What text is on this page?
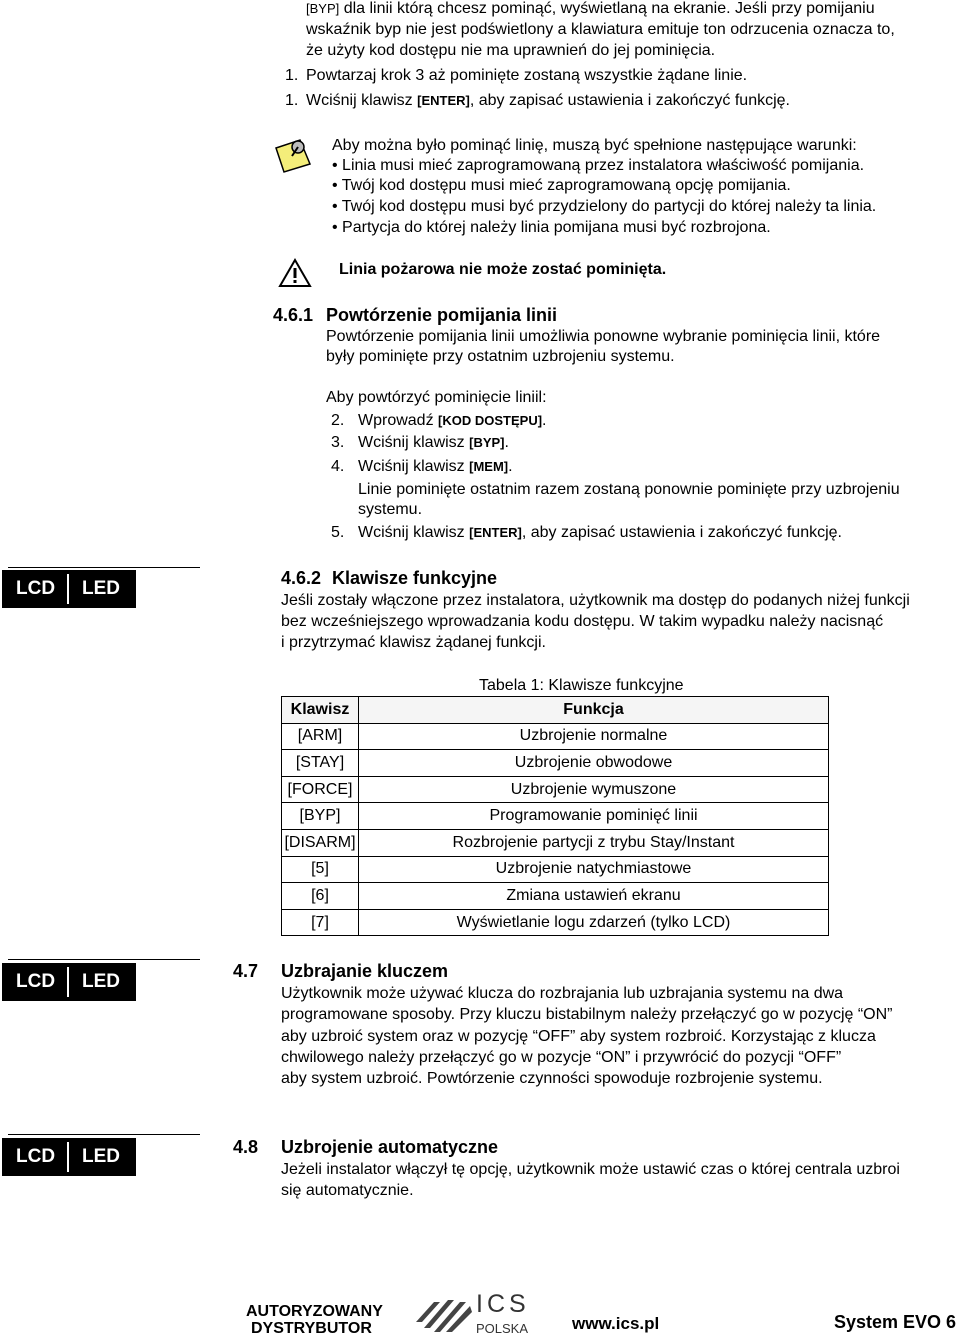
[BYP] dla linii którą chcesz pominąć, wyświetlaną na ekranie. Jeśli przy pomijaniu
wskaźnik byp nie jest podświetlony a klawiatura emituje ton odrzucenia oznacza to,
że użyty kod dostępu nie ma uprawnień do jej pominięcia.
1. Powtarzaj krok 3 aż pominięte zostaną wszystkie żądane linie.
1. Wciśnij klawisz [ENTER], aby zapisać ustawienia i zakończyć funkcję.
Aby można było pominąć linię, muszą być spełnione następujące warunki:
• Linia musi mieć zaprogramowaną przez instalatora właściwość pomijania.
• Twój kod dostępu musi mieć zaprogramowaną opcję pomijania.
• Twój kod dostępu musi być przydzielony do partycji do której należy ta linia.
• Partycja do której należy linia pomijana musi być rozbrojona.
Linia pożarowa nie może zostać pominięta.
4.6.1 Powtórzenie pomijania linii
Powtórzenie pomijania linii umożliwia ponowne wybranie pominięcia linii, które
były pominięte przy ostatnim uzbrojeniu systemu.
Aby powtórzyć pominięcie liniil:
2. Wprowadź [KOD DOSTĘPU].
3. Wciśnij klawisz [BYP].
4. Wciśnij klawisz [MEM].
Linie pominięte ostatnim razem zostaną ponownie pominięte przy uzbrojeniu
systemu.
5. Wciśnij klawisz [ENTER], aby zapisać ustawienia i zakończyć funkcję.
LCD LED	4.6.2 Klawisze funkcyjne
Jeśli zostały włączone przez instalatora, użytkownik ma dostęp do podanych niżej funkcji
bez wcześniejszego wprowadzania kodu dostępu. W takim wypadku należy nacisnąć
i przytrzymać klawisz żądanej funkcji.
Tabela 1: Klawisze funkcyjne
Klawisz	Funkcja
[ARM]	Uzbrojenie normalne
[STAY]	Uzbrojenie obwodowe
[FORCE]	Uzbrojenie wymuszone
[BYP]	Programowanie pominięć linii
[DISARM]	Rozbrojenie partycji z trybu Stay/Instant
[5]	Uzbrojenie natychmiastowe
[6]	Zmiana ustawień ekranu
[7]	Wyświetlanie logu zdarzeń (tylko LCD)
LCD LED	4.7 Uzbrajanie kluczem
Użytkownik może używać klucza do rozbrajania lub uzbrajania systemu na dwa
programowane sposoby. Przy kluczu bistabilnym należy przełączyć go w pozycję “ON”
aby uzbroić system oraz w pozycję “OFF” aby system rozbroić. Korzystając z klucza
chwilowego należy przełączyć go w pozycje “ON” i przywrócić do pozycji “OFF”
aby system uzbroić. Powtórzenie czynności spowoduje rozbrojenie systemu.
LCD LED	4.8 Uzbrojenie automatyczne
Jeżeli instalator włączył tę opcję, użytkownik może ustawić czas o której centrala uzbroi
się automatycznie.
AUTORYZOWANY
DYSTRYBUTOR
ICS
POLSKA	www.ics.pl	System EVO 6
